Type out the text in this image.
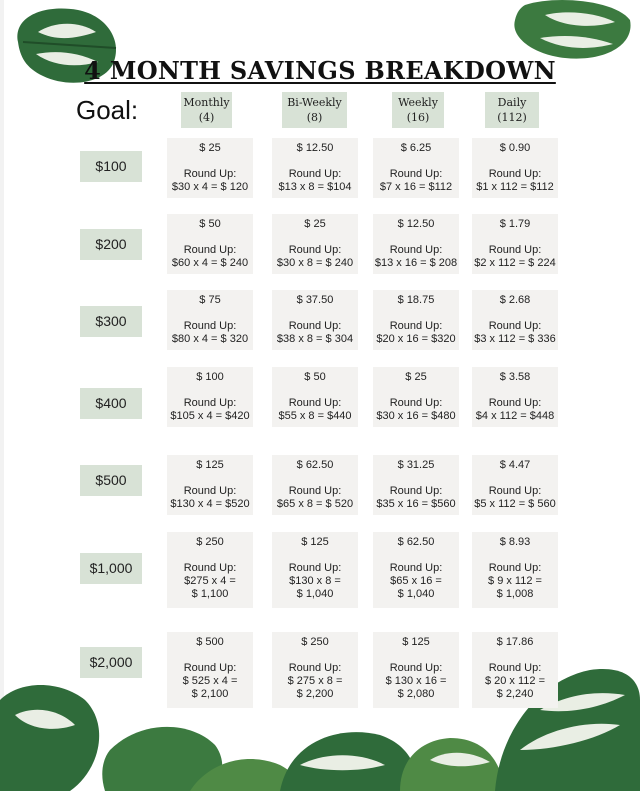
4 MONTH SAVINGS BREAKDOWN
Goal:	Monthly
(4)
Bi-Weekly
(8)
Weekly
(16)
Daily
(112)
$100
$ 25
Round Up:
$30 x 4 = $ 120
$ 12.50
Round Up:
$13 x 8 = $104
$ 6.25
Round Up:
$7 x 16 = $112
$ 0.90
Round Up:
$1 x 112 = $112
$200
$ 50
Round Up:
$60 x 4 = $ 240
$ 25
Round Up:
$30 x 8 = $ 240
$ 12.50
Round Up:
$13 x 16 = $ 208
$ 1.79
Round Up:
$2 x 112 = $ 224
$300
$ 75
Round Up:
$80 x 4 = $ 320
$ 37.50
Round Up:
$38 x 8 = $ 304
$ 18.75
Round Up:
$20 x 16 = $320
$ 2.68
Round Up:
$3 x 112 = $ 336
$400
$ 100
Round Up:
$105 x 4 = $420
$ 50
Round Up:
$55 x 8 = $440
$ 25
Round Up:
$30 x 16 = $480
$ 3.58
Round Up:
$4 x 112 = $448
$500
$ 125
Round Up:
$130 x 4 = $520
$ 62.50
Round Up:
$65 x 8 = $ 520
$ 31.25
Round Up:
$35 x 16 = $560
$ 4.47
Round Up:
$5 x 112 = $ 560
$1,000
$ 250
Round Up:
$275 x 4 =
$ 1,100
$ 125
Round Up:
$130 x 8 =
$ 1,040
$ 62.50
Round Up:
$65 x 16 =
$ 1,040
$ 8.93
Round Up:
$ 9 x 112 =
$ 1,008
$2,000
$ 500
Round Up:
$ 525 x 4 =
$ 2,100
$ 250
Round Up:
$ 275 x 8 =
$ 2,200
$ 125
Round Up:
$ 130 x 16 =
$ 2,080
$ 17.86
Round Up:
$ 20 x 112 =
$ 2,240
